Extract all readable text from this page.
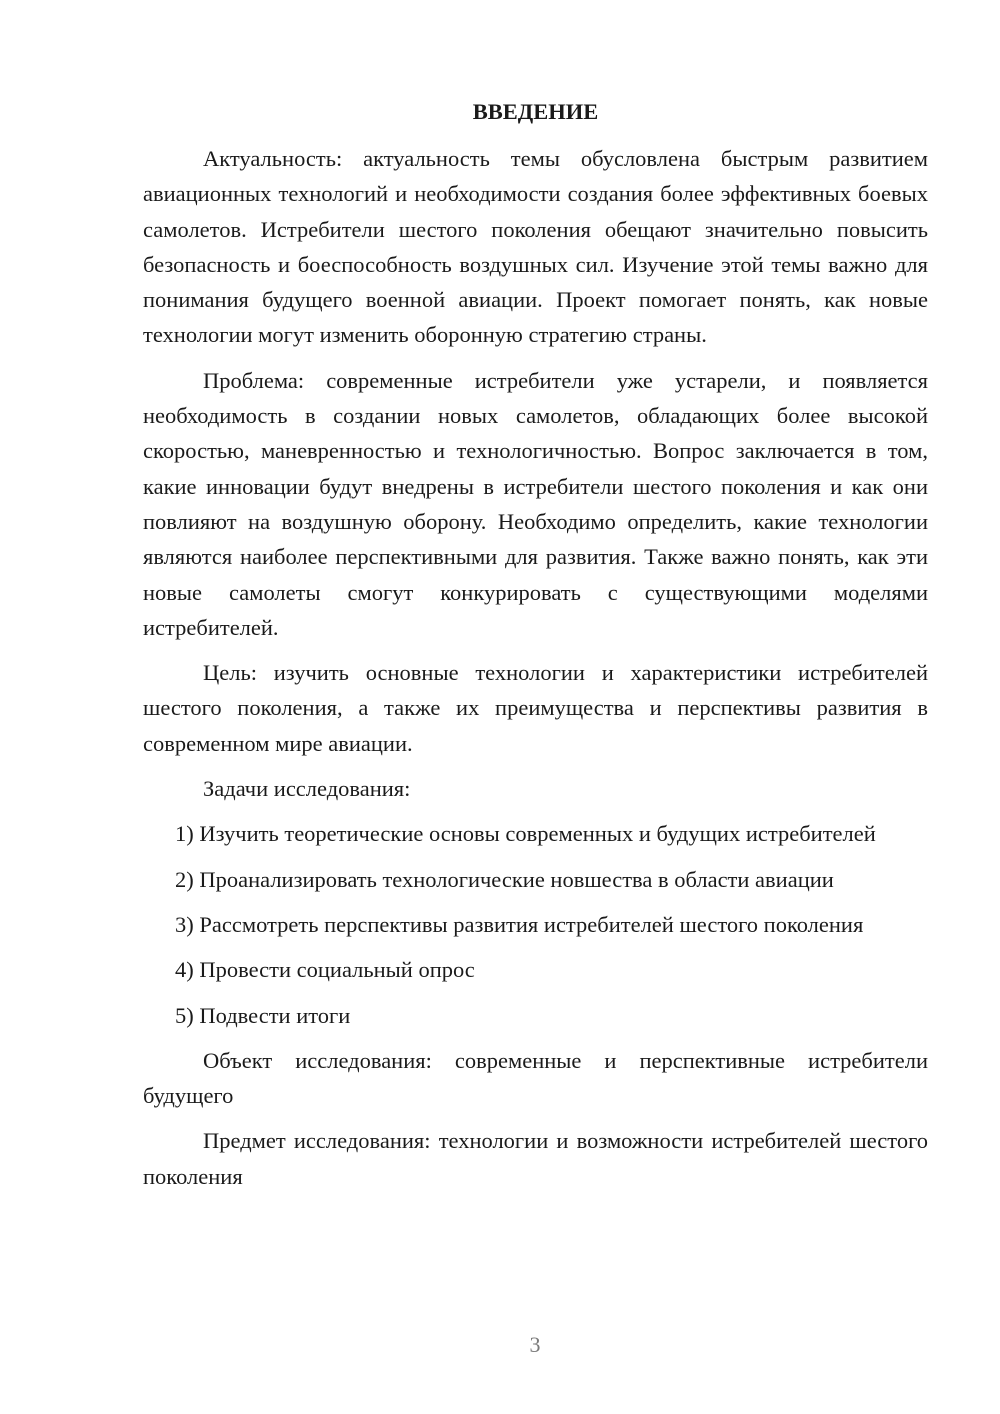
ВВЕДЕНИЕ

Актуальность: актуальность темы обусловлена быстрым развитием авиационных технологий и необходимости создания более эффективных боевых самолетов. Истребители шестого поколения обещают значительно повысить безопасность и боеспособность воздушных сил. Изучение этой темы важно для понимания будущего военной авиации. Проект помогает понять, как новые технологии могут изменить оборонную стратегию страны.

Проблема: современные истребители уже устарели, и появляется необходимость в создании новых самолетов, обладающих более высокой скоростью, маневренностью и технологичностью. Вопрос заключается в том, какие инновации будут внедрены в истребители шестого поколения и как они повлияют на воздушную оборону. Необходимо определить, какие технологии являются наиболее перспективными для развития. Также важно понять, как эти новые самолеты смогут конкурировать с существующими моделями истребителей.

Цель: изучить основные технологии и характеристики истребителей шестого поколения, а также их преимущества и перспективы развития в современном мире авиации.

Задачи исследования:

1) Изучить теоретические основы современных и будущих истребителей

2) Проанализировать технологические новшества в области авиации

3) Рассмотреть перспективы развития истребителей шестого поколения

4) Провести социальный опрос

5) Подвести итоги

Объект исследования: современные и перспективные истребители будущего

Предмет исследования: технологии и возможности истребителей шестого поколения

3
